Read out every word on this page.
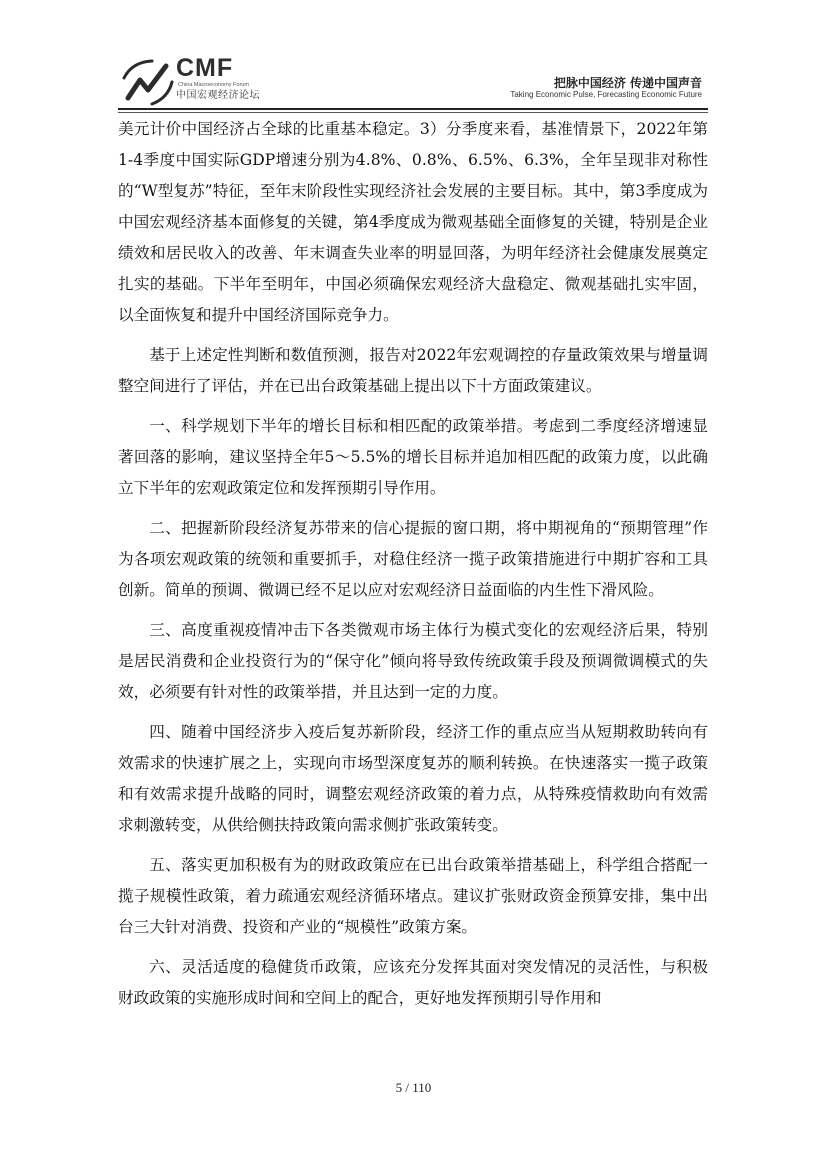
CMF
China Macroeconomy Forum
中国宏观经济论坛
把脉中国经济 传递中国声音
Taking Economic Pulse, Forecasting Economic Future

美元计价中国经济占全球的比重基本稳定。3）分季度来看，基准情景下，2022年第1-4季度中国实际GDP增速分别为4.8%、0.8%、6.5%、6.3%，全年呈现非对称性的“W型复苏”特征，至年末阶段性实现经济社会发展的主要目标。其中，第3季度成为中国宏观经济基本面修复的关键，第4季度成为微观基础全面修复的关键，特别是企业绩效和居民收入的改善、年末调查失业率的明显回落，为明年经济社会健康发展奠定扎实的基础。下半年至明年，中国必须确保宏观经济大盘稳定、微观基础扎实牢固，以全面恢复和提升中国经济国际竞争力。

基于上述定性判断和数值预测，报告对2022年宏观调控的存量政策效果与增量调整空间进行了评估，并在已出台政策基础上提出以下十方面政策建议。

一、科学规划下半年的增长目标和相匹配的政策举措。考虑到二季度经济增速显著回落的影响，建议坚持全年5～5.5%的增长目标并追加相匹配的政策力度，以此确立下半年的宏观政策定位和发挥预期引导作用。

二、把握新阶段经济复苏带来的信心提振的窗口期，将中期视角的“预期管理”作为各项宏观政策的统领和重要抓手，对稳住经济一揽子政策措施进行中期扩容和工具创新。简单的预调、微调已经不足以应对宏观经济日益面临的内生性下滑风险。

三、高度重视疫情冲击下各类微观市场主体行为模式变化的宏观经济后果，特别是居民消费和企业投资行为的“保守化”倾向将导致传统政策手段及预调微调模式的失效，必须要有针对性的政策举措，并且达到一定的力度。

四、随着中国经济步入疫后复苏新阶段，经济工作的重点应当从短期救助转向有效需求的快速扩展之上，实现向市场型深度复苏的顺利转换。在快速落实一揽子政策和有效需求提升战略的同时，调整宏观经济政策的着力点，从特殊疫情救助向有效需求刺激转变，从供给侧扶持政策向需求侧扩张政策转变。

五、落实更加积极有为的财政政策应在已出台政策举措基础上，科学组合搭配一揽子规模性政策，着力疏通宏观经济循环堵点。建议扩张财政资金预算安排，集中出台三大针对消费、投资和产业的“规模性”政策方案。

六、灵活适度的稳健货币政策，应该充分发挥其面对突发情况的灵活性，与积极财政政策的实施形成时间和空间上的配合，更好地发挥预期引导作用和

5 / 110
